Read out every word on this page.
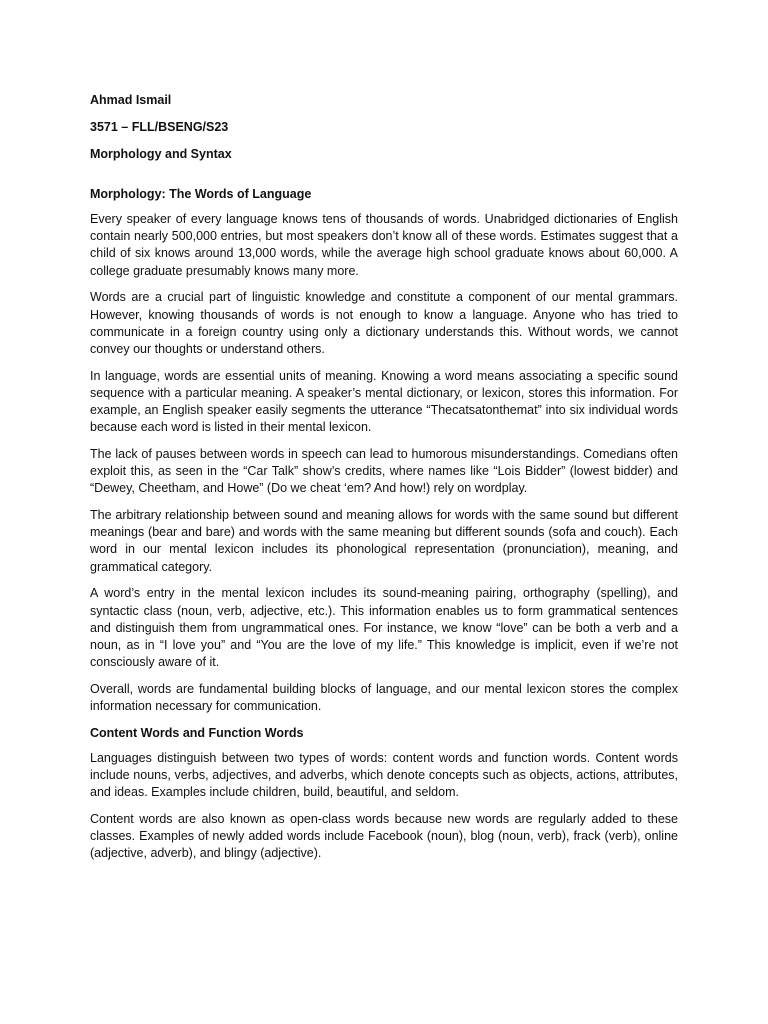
Ahmad Ismail

3571 – FLL/BSENG/S23

Morphology and Syntax

Morphology: The Words of Language

Every speaker of every language knows tens of thousands of words. Unabridged dictionaries of English contain nearly 500,000 entries, but most speakers don’t know all of these words. Estimates suggest that a child of six knows around 13,000 words, while the average high school graduate knows about 60,000. A college graduate presumably knows many more.

Words are a crucial part of linguistic knowledge and constitute a component of our mental grammars. However, knowing thousands of words is not enough to know a language. Anyone who has tried to communicate in a foreign country using only a dictionary understands this. Without words, we cannot convey our thoughts or understand others.

In language, words are essential units of meaning. Knowing a word means associating a specific sound sequence with a particular meaning. A speaker’s mental dictionary, or lexicon, stores this information. For example, an English speaker easily segments the utterance “Thecatsatonthemat” into six individual words because each word is listed in their mental lexicon.

The lack of pauses between words in speech can lead to humorous misunderstandings. Comedians often exploit this, as seen in the “Car Talk” show’s credits, where names like “Lois Bidder” (lowest bidder) and “Dewey, Cheetham, and Howe” (Do we cheat ‘em? And how!) rely on wordplay.

The arbitrary relationship between sound and meaning allows for words with the same sound but different meanings (bear and bare) and words with the same meaning but different sounds (sofa and couch). Each word in our mental lexicon includes its phonological representation (pronunciation), meaning, and grammatical category.

A word’s entry in the mental lexicon includes its sound-meaning pairing, orthography (spelling), and syntactic class (noun, verb, adjective, etc.). This information enables us to form grammatical sentences and distinguish them from ungrammatical ones. For instance, we know “love” can be both a verb and a noun, as in “I love you” and “You are the love of my life.” This knowledge is implicit, even if we’re not consciously aware of it.

Overall, words are fundamental building blocks of language, and our mental lexicon stores the complex information necessary for communication.

Content Words and Function Words

Languages distinguish between two types of words: content words and function words. Content words include nouns, verbs, adjectives, and adverbs, which denote concepts such as objects, actions, attributes, and ideas. Examples include children, build, beautiful, and seldom.

Content words are also known as open-class words because new words are regularly added to these classes. Examples of newly added words include Facebook (noun), blog (noun, verb), frack (verb), online (adjective, adverb), and blingy (adjective).
